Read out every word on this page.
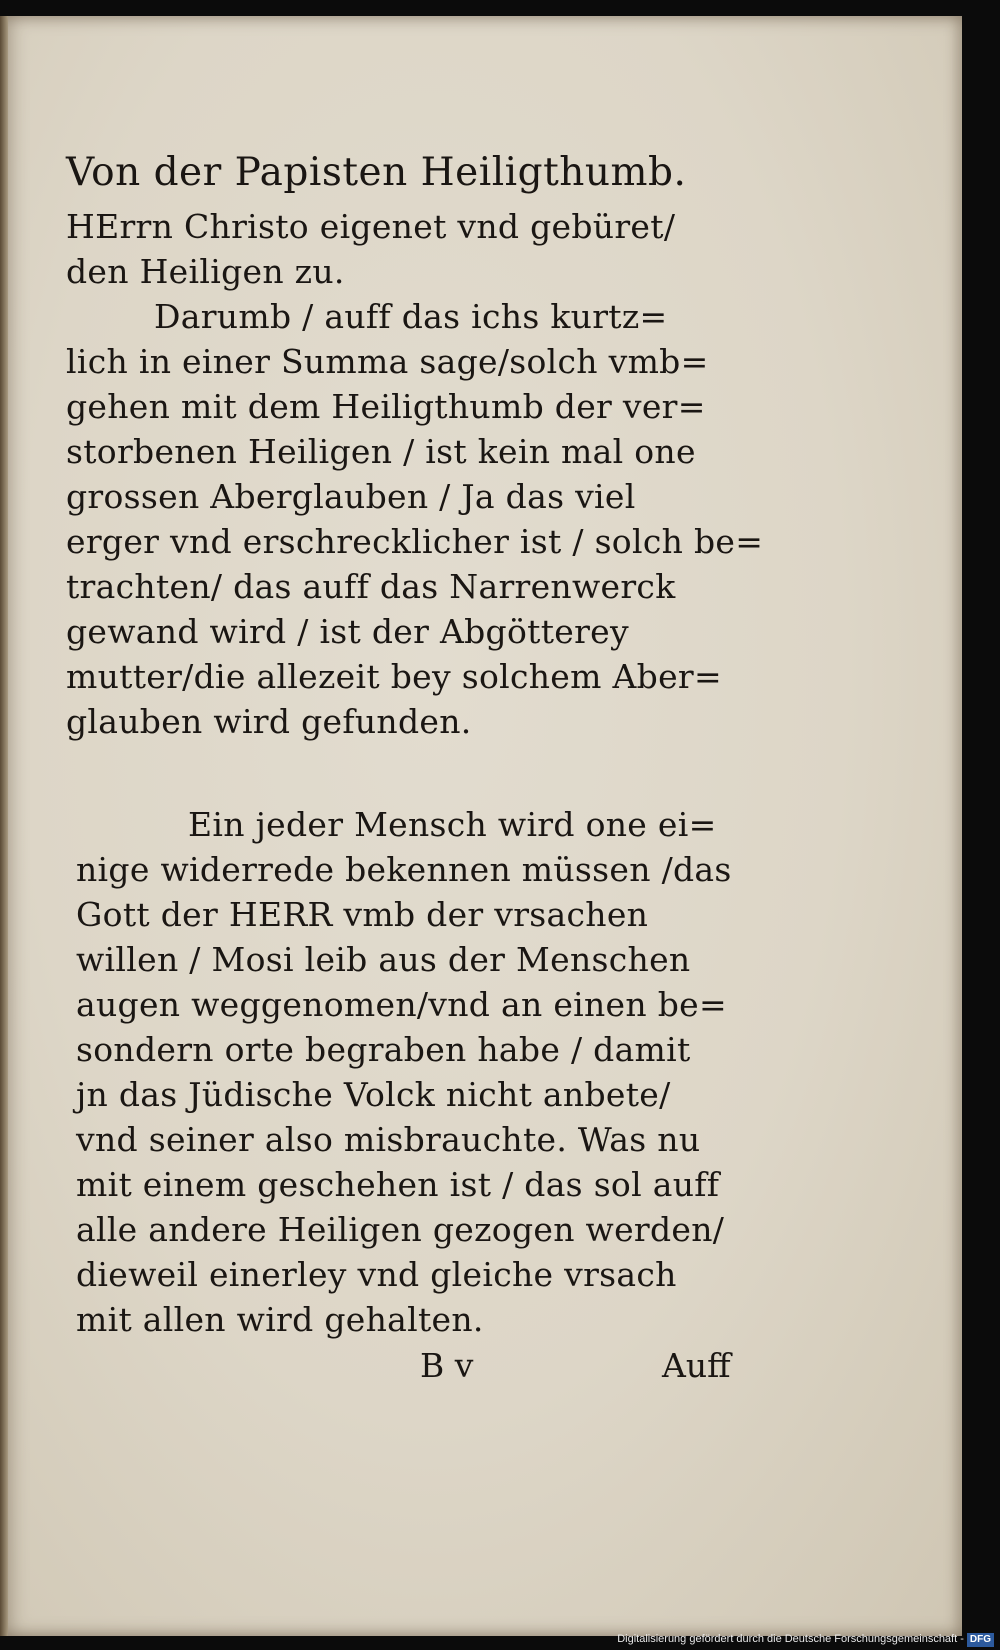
Von der Papisten Heiligthumb.
HErrn Christo eigenet vnd gebüret/
den Heiligen zu.
Darumb / auff das ichs kurtz=
lich in einer Summa sage/solch vmb=
gehen mit dem Heiligthumb der ver=
storbenen Heiligen / ist kein mal one
grossen Aberglauben / Ja das viel
erger vnd erschrecklicher ist / solch be=
trachten/ das auff das Narrenwerck
gewand wird / ist der Abgötterey
mutter/die allezeit bey solchem Aber=
glauben wird gefunden.
Ein jeder Mensch wird one ei=
nige widerrede bekennen müssen /das
Gott der HERR vmb der vrsachen
willen / Mosi leib aus der Menschen
augen weggenomen/vnd an einen be=
sondern orte begraben habe / damit
jn das Jüdische Volck nicht anbete/
vnd seiner also misbrauchte. Was nu
mit einem geschehen ist / das sol auff
alle andere Heiligen gezogen werden/
dieweil einerley vnd gleiche vrsach
mit allen wird gehalten.
B v	Auff
Digitalisierung gefördert durch die Deutsche Forschungsgemeinschaft - DFG
